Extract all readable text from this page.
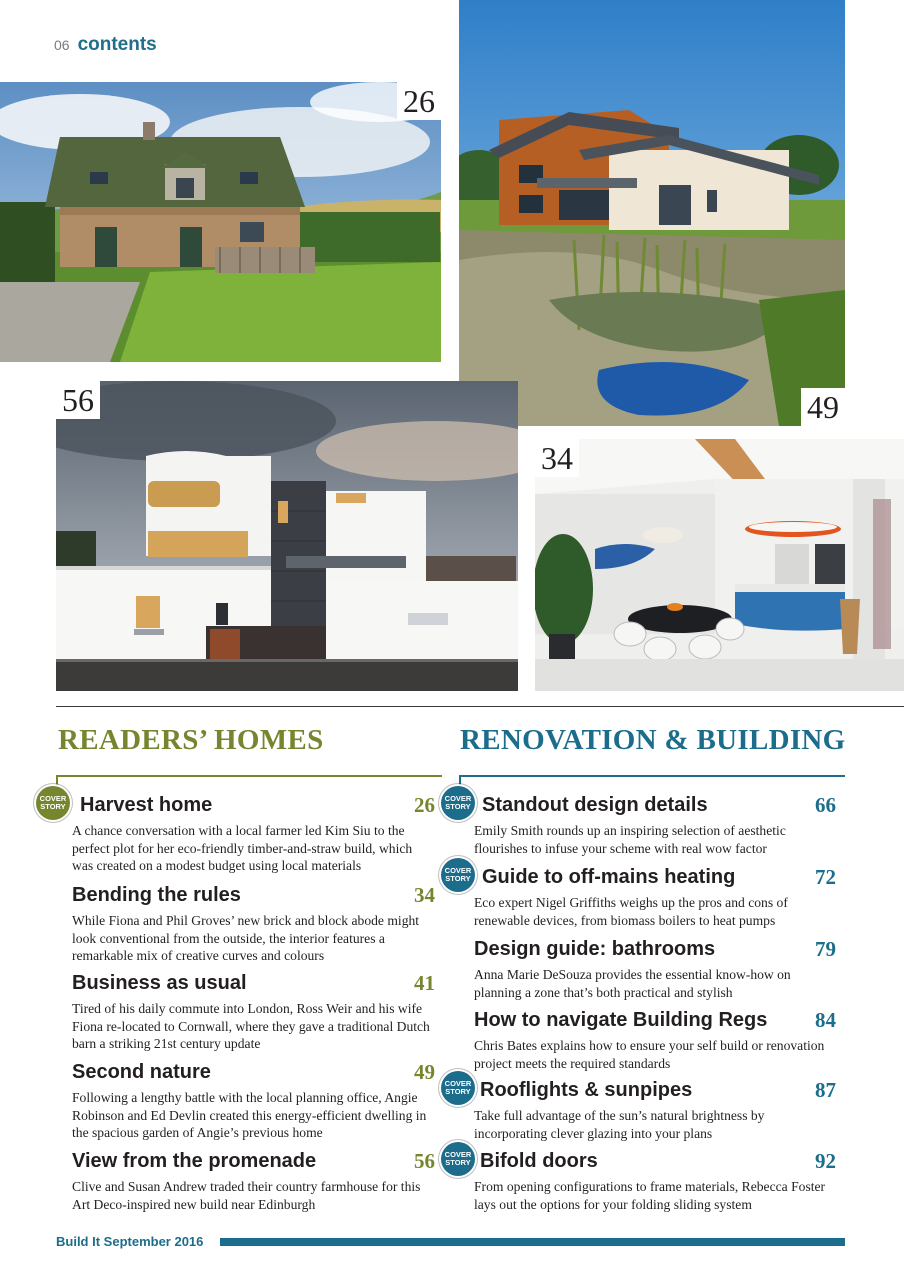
06 contents
26
49
56
34
READERS’ HOMES
COVER
STORY Harvest home	26
A chance conversation with a local farmer led Kim Siu to the perfect plot for her eco-friendly timber-and-straw build, which was created on a modest budget using local materials
Bending the rules	34
While Fiona and Phil Groves’ new brick and block abode might look conventional from the outside, the interior features a remarkable mix of creative curves and colours
Business as usual	41
Tired of his daily commute into London, Ross Weir and his wife Fiona re-located to Cornwall, where they gave a traditional Dutch barn a striking 21st century update
Second nature	49
Following a lengthy battle with the local planning office, Angie Robinson and Ed Devlin created this energy-efficient dwelling in the spacious garden of Angie’s previous home
View from the promenade	56
Clive and Susan Andrew traded their country farmhouse for this Art Deco-inspired new build near Edinburgh
RENOVATION & BUILDING
COVER
STORY Standout design details	66
Emily Smith rounds up an inspiring selection of aesthetic flourishes to infuse your scheme with real wow factor
COVER
STORY Guide to off-mains heating	72
Eco expert Nigel Griffiths weighs up the pros and cons of renewable devices, from biomass boilers to heat pumps
Design guide: bathrooms	79
Anna Marie DeSouza provides the essential know-how on planning a zone that’s both practical and stylish
How to navigate Building Regs 84
Chris Bates explains how to ensure your self build or renovation project meets the required standards
COVER
STORY Rooflights & sunpipes	87
Take full advantage of the sun’s natural brightness by incorporating clever glazing into your plans
COVER
STORY Bifold doors	92
From opening configurations to frame materials, Rebecca Foster lays out the options for your folding sliding system
Build It September 2016
